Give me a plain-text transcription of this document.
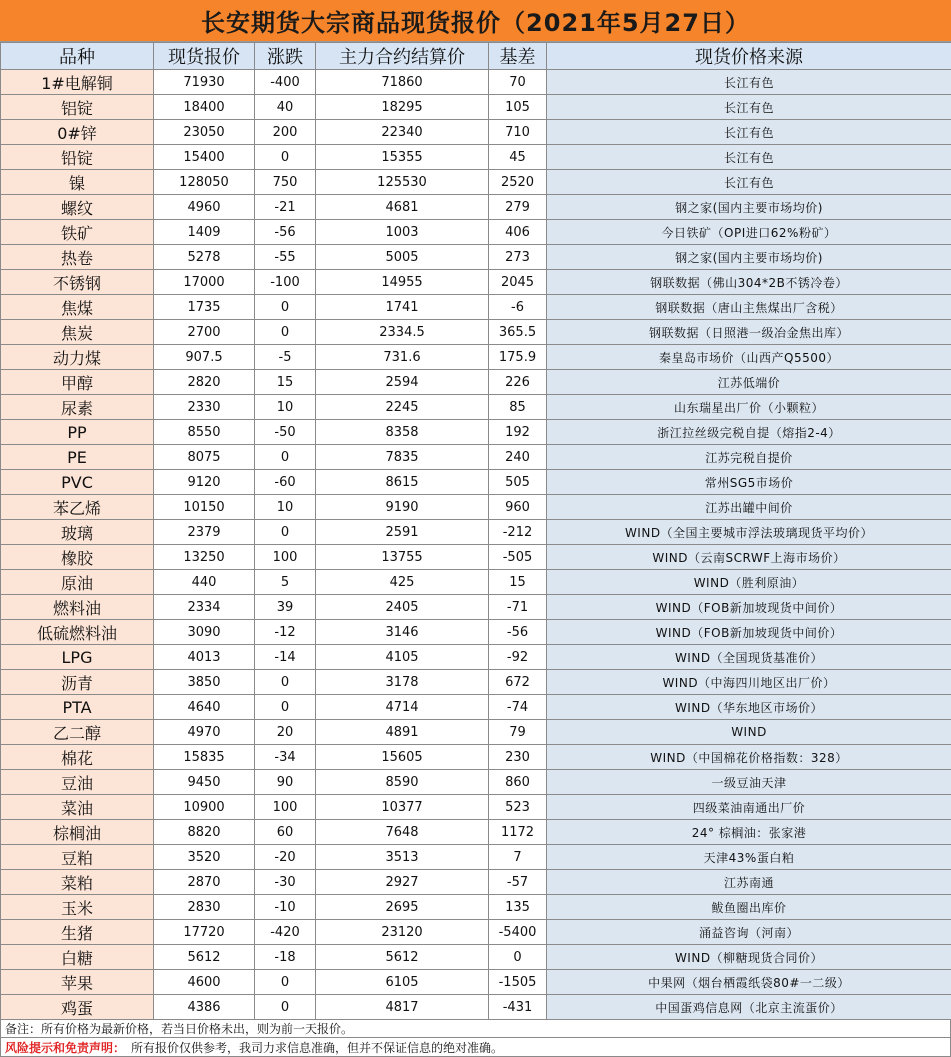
长安期货大宗商品现货报价（2021年5月27日）
品种	现货报价	涨跌	主力合约结算价	基差	现货价格来源
1#电解铜	71930	-400	71860	70	长江有色
铝锭	18400	40	18295	105	长江有色
0#锌	23050	200	22340	710	长江有色
铅锭	15400	0	15355	45	长江有色
镍	128050	750	125530	2520	长江有色
螺纹	4960	-21	4681	279	钢之家(国内主要市场均价)
铁矿	1409	-56	1003	406	今日铁矿（OPI进口62%粉矿）
热卷	5278	-55	5005	273	钢之家(国内主要市场均价)
不锈钢	17000	-100	14955	2045	钢联数据（佛山304*2B不锈冷卷）
焦煤	1735	0	1741	-6	钢联数据（唐山主焦煤出厂含税）
焦炭	2700	0	2334.5	365.5	钢联数据（日照港一级冶金焦出库）
动力煤	907.5	-5	731.6	175.9	秦皇岛市场价（山西产Q5500）
甲醇	2820	15	2594	226	江苏低端价
尿素	2330	10	2245	85	山东瑞星出厂价（小颗粒）
PP	8550	-50	8358	192	浙江拉丝级完税自提（熔指2-4）
PE	8075	0	7835	240	江苏完税自提价
PVC	9120	-60	8615	505	常州SG5市场价
苯乙烯	10150	10	9190	960	江苏出罐中间价
玻璃	2379	0	2591	-212	WIND（全国主要城市浮法玻璃现货平均价）
橡胶	13250	100	13755	-505	WIND（云南SCRWF上海市场价）
原油	440	5	425	15	WIND（胜利原油）
燃料油	2334	39	2405	-71	WIND（FOB新加坡现货中间价）
低硫燃料油	3090	-12	3146	-56	WIND（FOB新加坡现货中间价）
LPG	4013	-14	4105	-92	WIND（全国现货基准价）
沥青	3850	0	3178	672	WIND（中海四川地区出厂价）
PTA	4640	0	4714	-74	WIND（华东地区市场价）
乙二醇	4970	20	4891	79	WIND
棉花	15835	-34	15605	230	WIND（中国棉花价格指数：328）
豆油	9450	90	8590	860	一级豆油天津
菜油	10900	100	10377	523	四级菜油南通出厂价
棕榈油	8820	60	7648	1172	24° 棕榈油：张家港
豆粕	3520	-20	3513	7	天津43%蛋白粕
菜粕	2870	-30	2927	-57	江苏南通
玉米	2830	-10	2695	135	鲅鱼圈出库价
生猪	17720	-420	23120	-5400	涌益咨询（河南）
白糖	5612	-18	5612	0	WIND（柳糖现货合同价）
苹果	4600	0	6105	-1505	中果网（烟台栖霞纸袋80#一二级）
鸡蛋	4386	0	4817	-431	中国蛋鸡信息网（北京主流蛋价）
备注：所有价格为最新价格，若当日价格未出，则为前一天报价。
风险提示和免责声明： 所有报价仅供参考，我司力求信息准确，但并不保证信息的绝对准确。
